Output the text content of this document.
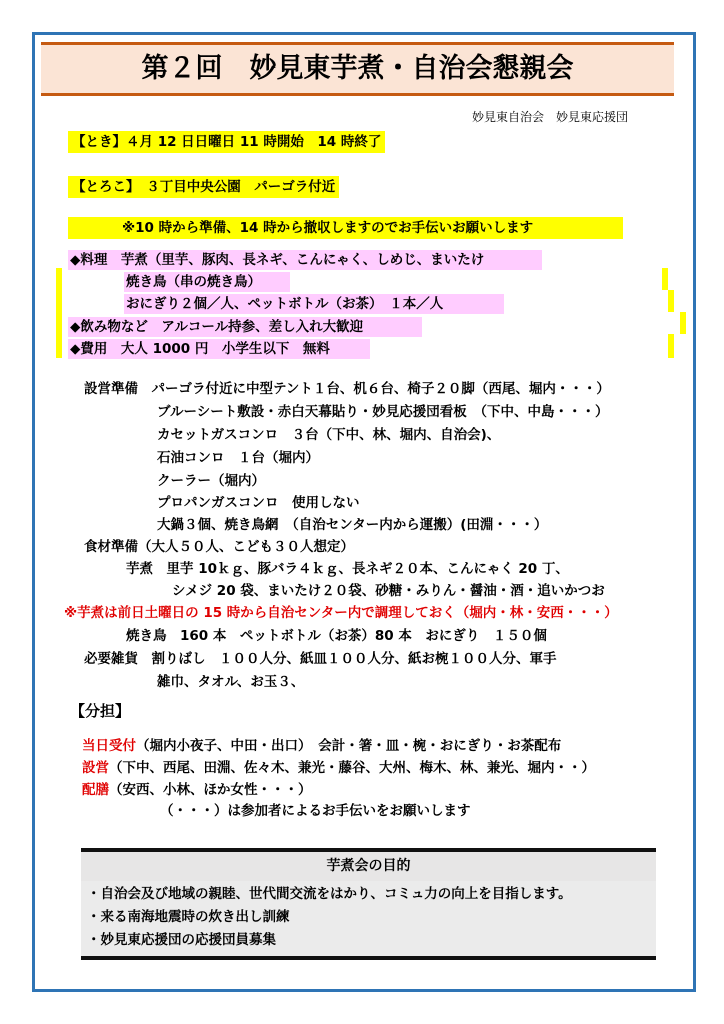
第２回　妙見東芋煮・自治会懇親会
妙見東自治会　妙見東応援団
【とき】４月 12 日日曜日 11 時開始　14 時終了
【とろこ】　３丁目中央公園　パーゴラ付近
※10 時から準備、14 時から撤収しますのでお手伝いお願いします
◆料理　芋煮（里芋、豚肉、長ネギ、こんにゃく、しめじ、まいたけ
焼き鳥（串の焼き鳥）
おにぎり２個／人、ペットボトル（お茶）　１本／人
◆飲み物など　アルコール持参、差し入れ大歓迎
◆費用　大人 1000 円　小学生以下　無料
設営準備　パーゴラ付近に中型テント１台、机６台、椅子２０脚（西尾、堀内・・・）
ブルーシート敷設・赤白天幕貼り・妙見応援団看板　（下中、中島・・・）
カセットガスコンロ　３台（下中、林、堀内、自治会)、
石油コンロ　１台（堀内）
クーラー（堀内）
プロパンガスコンロ　使用しない
大鍋３個、焼き鳥網　（自治センター内から運搬）(田淵・・・）
食材準備（大人５０人、こども３０人想定）
芋煮　里芋 10ｋｇ、豚バラ４ｋｇ、長ネギ２０本、こんにゃく 20 丁、
シメジ 20 袋、まいたけ２０袋、砂糖・みりん・醤油・酒・追いかつお
※芋煮は前日土曜日の 15 時から自治センター内で調理しておく（堀内・林・安西・・・）
焼き鳥　160 本　ペットボトル（お茶）80 本　おにぎり　１５０個
必要雑貨　割りばし　１００人分、紙皿１００人分、紙お椀１００人分、軍手
雑巾、タオル、お玉３、
【分担】
当日受付（堀内小夜子、中田・出口）　会計・箸・皿・椀・おにぎり・お茶配布
設営（下中、西尾、田淵、佐々木、兼光・藤谷、大州、梅木、林、兼光、堀内・・）
配膳（安西、小林、ほか女性・・・）
（・・・）は参加者によるお手伝いをお願いします
芋煮会の目的
・自治会及び地域の親睦、世代間交流をはかり、コミュ力の向上を目指します。
・来る南海地震時の炊き出し訓練
・妙見東応援団の応援団員募集
